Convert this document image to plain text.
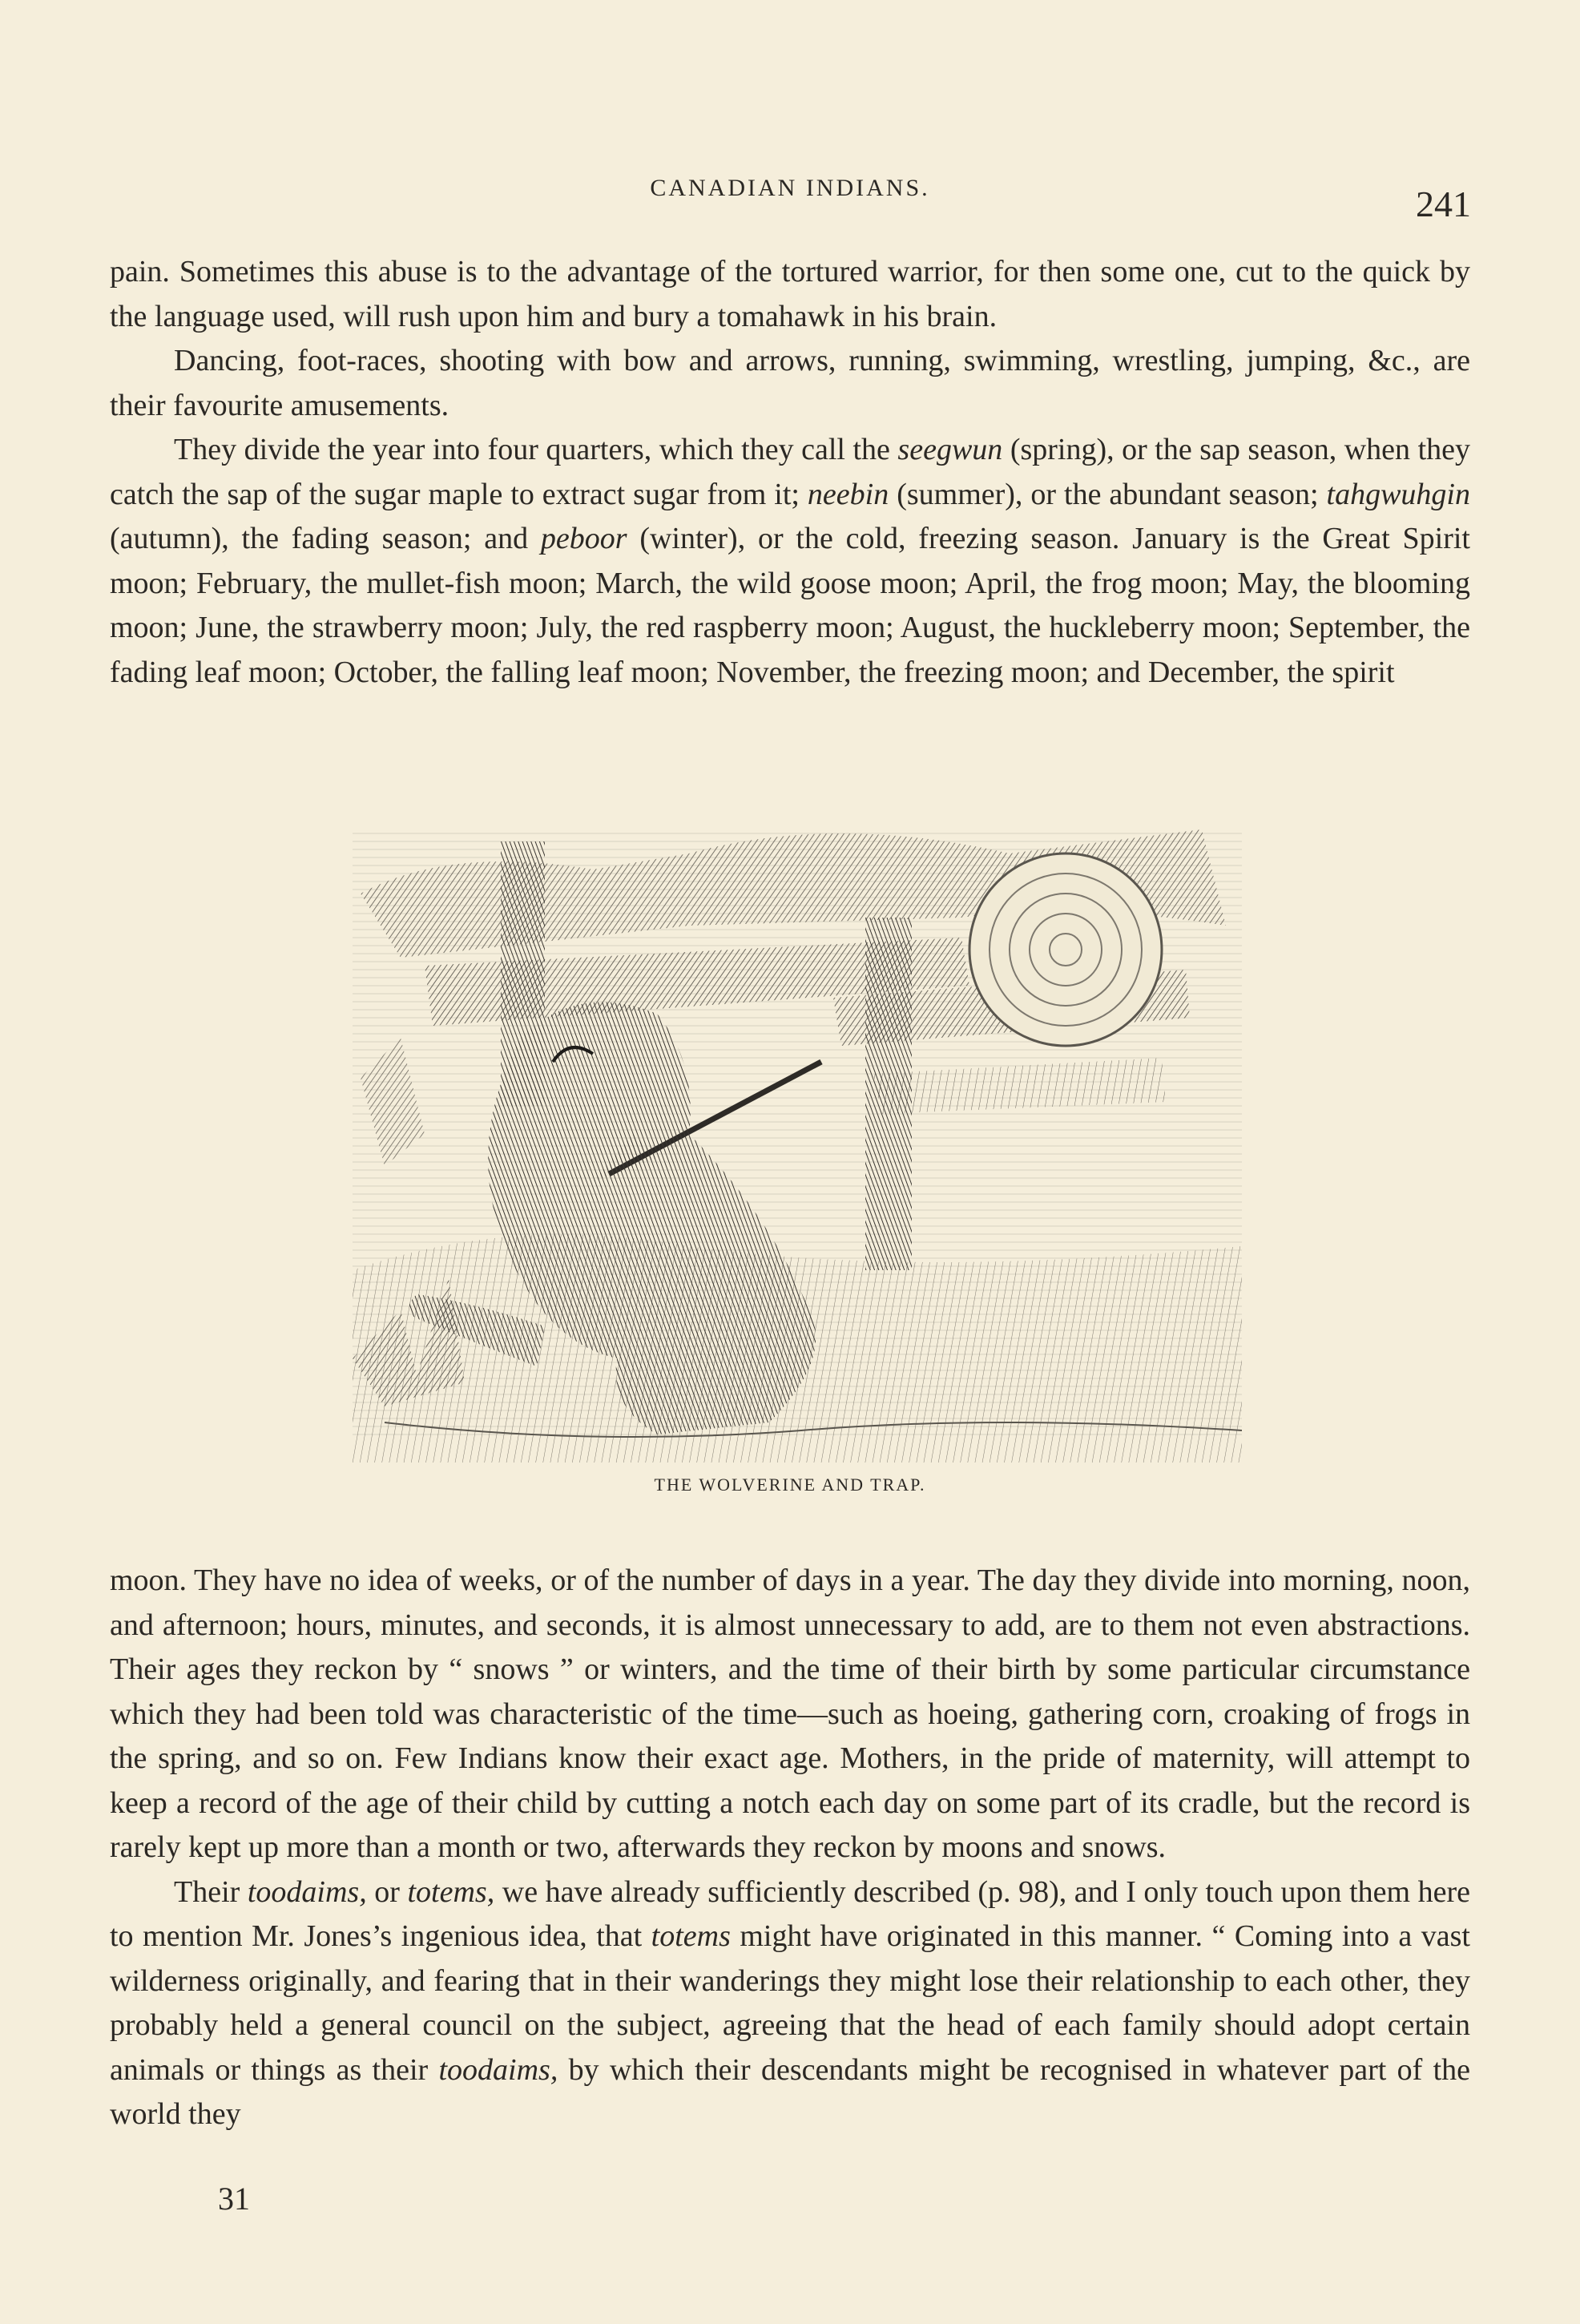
CANADIAN INDIANS.	241

pain. Sometimes this abuse is to the advantage of the tortured warrior, for then some one, cut to the quick by the language used, will rush upon him and bury a tomahawk in his brain.

Dancing, foot-races, shooting with bow and arrows, running, swimming, wrestling, jumping, &c., are their favourite amusements.

They divide the year into four quarters, which they call the seegwun (spring), or the sap season, when they catch the sap of the sugar maple to extract sugar from it; neebin (summer), or the abundant season; tahgwuhgin (autumn), the fading season; and peboor (winter), or the cold, freezing season. January is the Great Spirit moon; February, the mullet-fish moon; March, the wild goose moon; April, the frog moon; May, the blooming moon; June, the strawberry moon; July, the red raspberry moon; August, the huckleberry moon; September, the fading leaf moon; October, the falling leaf moon; November, the freezing moon; and December, the spirit

THE WOLVERINE AND TRAP.

moon. They have no idea of weeks, or of the number of days in a year. The day they divide into morning, noon, and afternoon; hours, minutes, and seconds, it is almost unnecessary to add, are to them not even abstractions. Their ages they reckon by “ snows ” or winters, and the time of their birth by some particular circumstance which they had been told was characteristic of the time—such as hoeing, gathering corn, croaking of frogs in the spring, and so on. Few Indians know their exact age. Mothers, in the pride of maternity, will attempt to keep a record of the age of their child by cutting a notch each day on some part of its cradle, but the record is rarely kept up more than a month or two, afterwards they reckon by moons and snows.

Their toodaims, or totems, we have already sufficiently described (p. 98), and I only touch upon them here to mention Mr. Jones’s ingenious idea, that totems might have originated in this manner. “ Coming into a vast wilderness originally, and fearing that in their wanderings they might lose their relationship to each other, they probably held a general council on the subject, agreeing that the head of each family should adopt certain animals or things as their toodaims, by which their descendants might be recognised in whatever part of the world they

31
